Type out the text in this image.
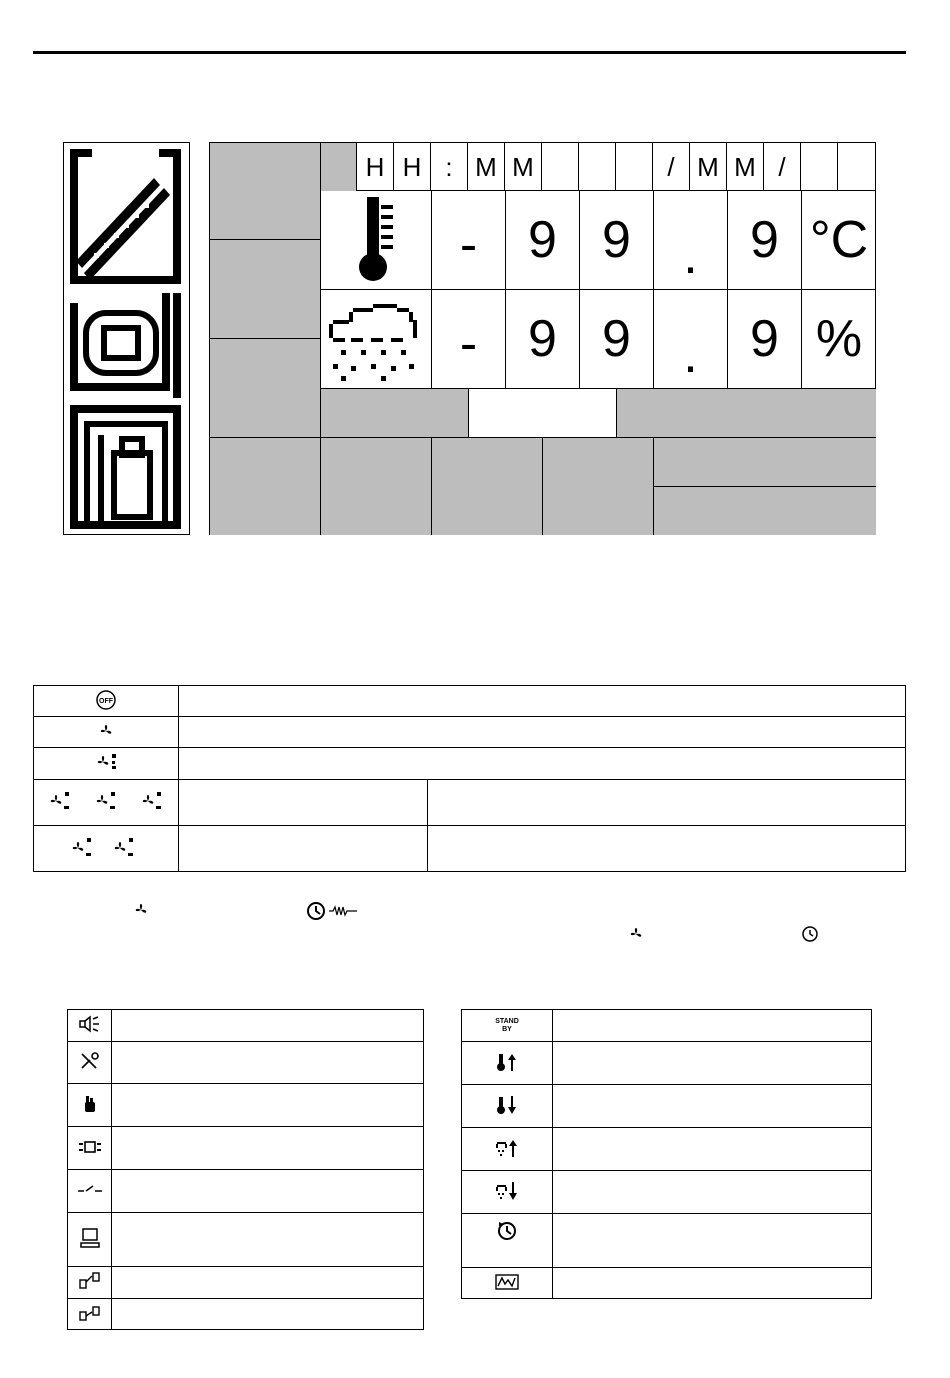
H H : M M	/ M M /
- 9 9	.	9 °C
- 9 9	.	9 %
OFF		

STAND BY	
